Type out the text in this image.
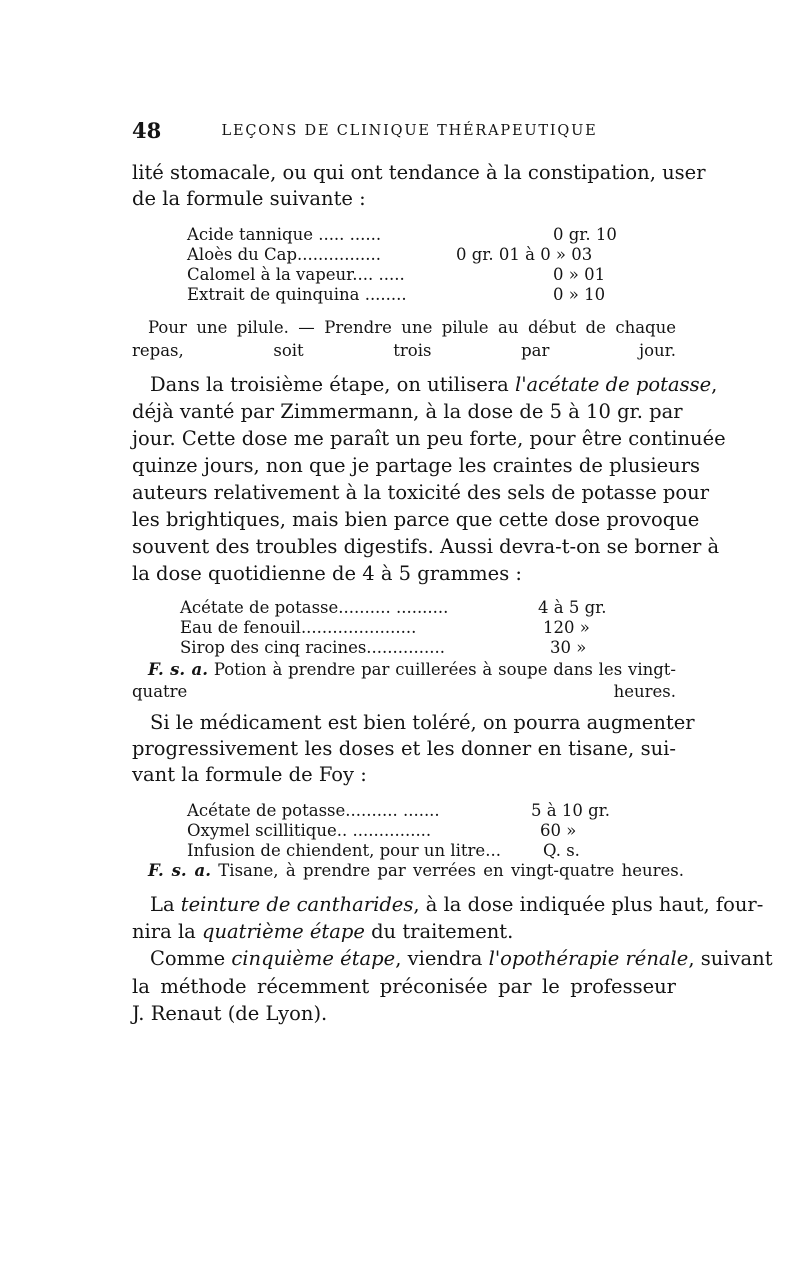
48	LEÇONS DE CLINIQUE THÉRAPEUTIQUE
lité stomacale, ou qui ont tendance à la constipation, user
de la formule suivante :
Acide tannique ..... ......	0 gr. 10
Aloès du Cap................	0 gr. 01 à 0 » 03
Calomel à la vapeur.... .....	0 » 01
Extrait de quinquina ........	0 » 10
Pour une pilule. — Prendre une pilule au début de chaque
repas, soit trois par jour.
Dans la troisième étape, on utilisera l'acétate de potasse,
déjà vanté par Zimmermann, à la dose de 5 à 10 gr. par
jour. Cette dose me paraît un peu forte, pour être continuée
quinze jours, non que je partage les craintes de plusieurs
auteurs relativement à la toxicité des sels de potasse pour
les brightiques, mais bien parce que cette dose provoque
souvent des troubles digestifs. Aussi devra-t-on se borner à
la dose quotidienne de 4 à 5 grammes :
Acétate de potasse.......... ..........	4 à 5 gr.
Eau de fenouil......................	120 »
Sirop des cinq racines...............	30 »
F. s. a. Potion à prendre par cuillerées à soupe dans les vingt-
quatre heures.
Si le médicament est bien toléré, on pourra augmenter
progressivement les doses et les donner en tisane, sui-
vant la formule de Foy :
Acétate de potasse.......... .......	5 à 10 gr.
Oxymel scillitique.. ...............	60 »
Infusion de chiendent, pour un litre...	Q. s.
F. s. a. Tisane, à prendre par verrées en vingt-quatre heures.
La teinture de cantharides, à la dose indiquée plus haut, four-
nira la quatrième étape du traitement.
Comme cinquième étape, viendra l'opothérapie rénale, suivant
la méthode récemment préconisée par le professeur
J. Renaut (de Lyon).
